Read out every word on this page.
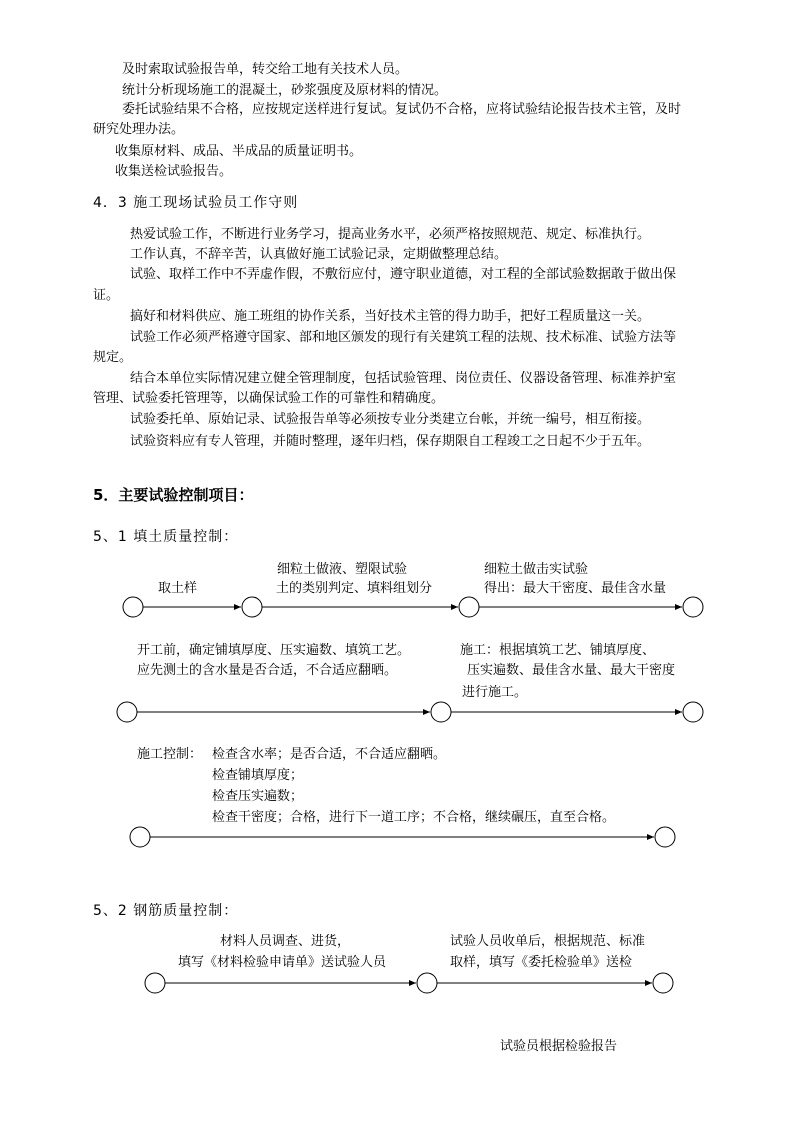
及时索取试验报告单，转交给工地有关技术人员。
统计分析现场施工的混凝土，砂浆强度及原材料的情况。
委托试验结果不合格，应按规定送样进行复试。复试仍不合格，应将试验结论报告技术主管，及时
研究处理办法。
收集原材料、成品、半成品的质量证明书。
收集送检试验报告。
4．3 施工现场试验员工作守则
热爱试验工作，不断进行业务学习，提高业务水平，必须严格按照规范、规定、标准执行。
工作认真，不辞辛苦，认真做好施工试验记录，定期做整理总结。
试验、取样工作中不弄虚作假，不敷衍应付，遵守职业道德，对工程的全部试验数据敢于做出保
证。
搞好和材料供应、施工班组的协作关系，当好技术主管的得力助手，把好工程质量这一关。
试验工作必须严格遵守国家、部和地区颁发的现行有关建筑工程的法规、技术标准、试验方法等
规定。
结合本单位实际情况建立健全管理制度，包括试验管理、岗位责任、仪器设备管理、标准养护室
管理、试验委托管理等，以确保试验工作的可靠性和精确度。
试验委托单、原始记录、试验报告单等必须按专业分类建立台帐，并统一编号，相互衔接。
试验资料应有专人管理，并随时整理，逐年归档，保存期限自工程竣工之日起不少于五年。
5．主要试验控制项目：
5、1 填土质量控制：
取土样
细粒土做液、塑限试验
土的类别判定、填料组划分
细粒土做击实试验
得出：最大干密度、最佳含水量
开工前，确定铺填厚度、压实遍数、填筑工艺。
应先测土的含水量是否合适，不合适应翻晒。
施工：根据填筑工艺、铺填厚度、
压实遍数、最佳含水量、最大干密度
进行施工。
施工控制： 检查含水率；是否合适，不合适应翻晒。
检查铺填厚度；
检查压实遍数；
检查干密度；合格，进行下一道工序；不合格，继续碾压，直至合格。
5、2 钢筋质量控制：
材料人员调查、进货，
填写《材料检验申请单》送试验人员
试验人员收单后，根据规范、标准
取样，填写《委托检验单》送检
试验员根据检验报告
